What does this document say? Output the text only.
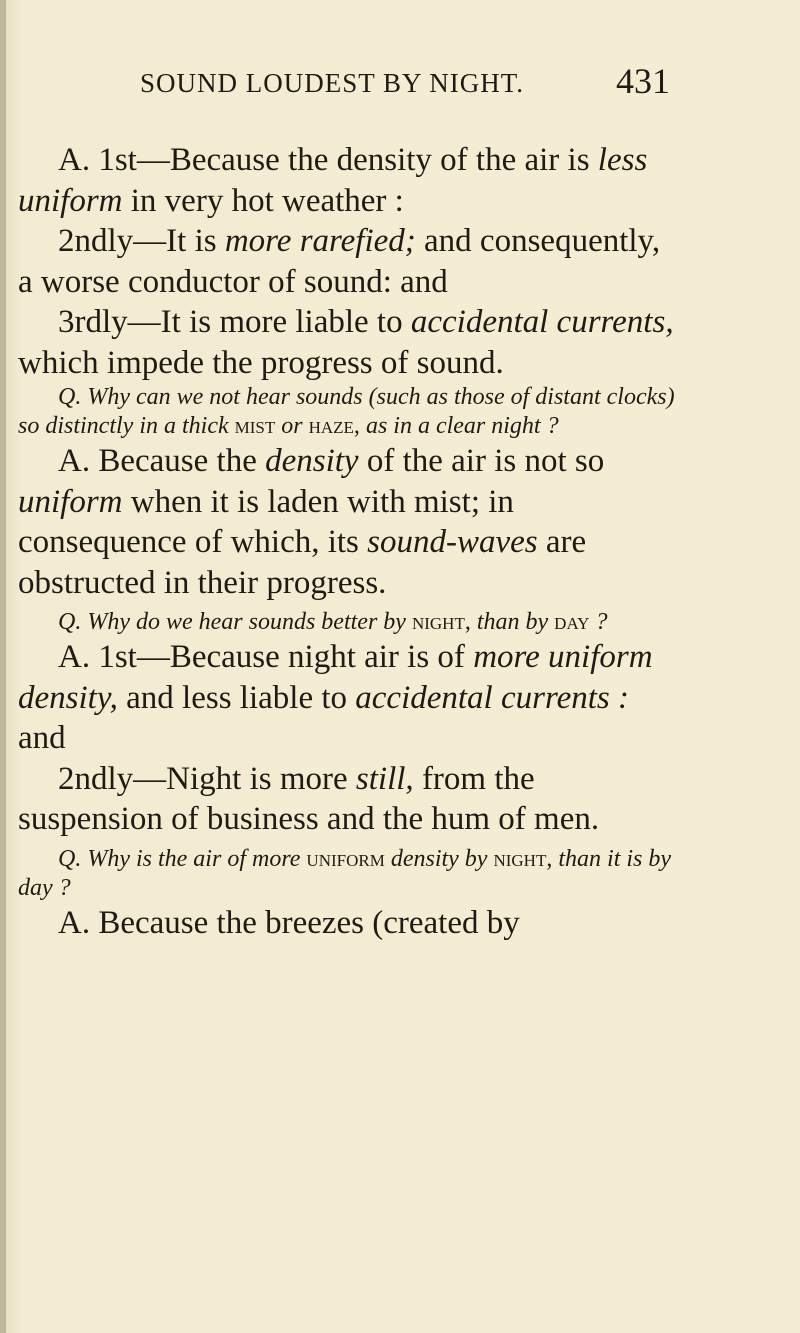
SOUND LOUDEST BY NIGHT.	431

A. 1st—Because the density of the air is less uniform in very hot weather :

2ndly—It is more rarefied; and consequently, a worse conductor of sound: and

3rdly—It is more liable to accidental currents, which impede the progress of sound.

Q. Why can we not hear sounds (such as those of distant clocks) so distinctly in a thick mist or haze, as in a clear night ?

A. Because the density of the air is not so uniform when it is laden with mist; in consequence of which, its sound-waves are obstructed in their progress.

Q. Why do we hear sounds better by night, than by day ?

A. 1st—Because night air is of more uniform density, and less liable to accidental currents : and

2ndly—Night is more still, from the suspension of business and the hum of men.

Q. Why is the air of more uniform density by night, than it is by day ?

A. Because the breezes (created by
